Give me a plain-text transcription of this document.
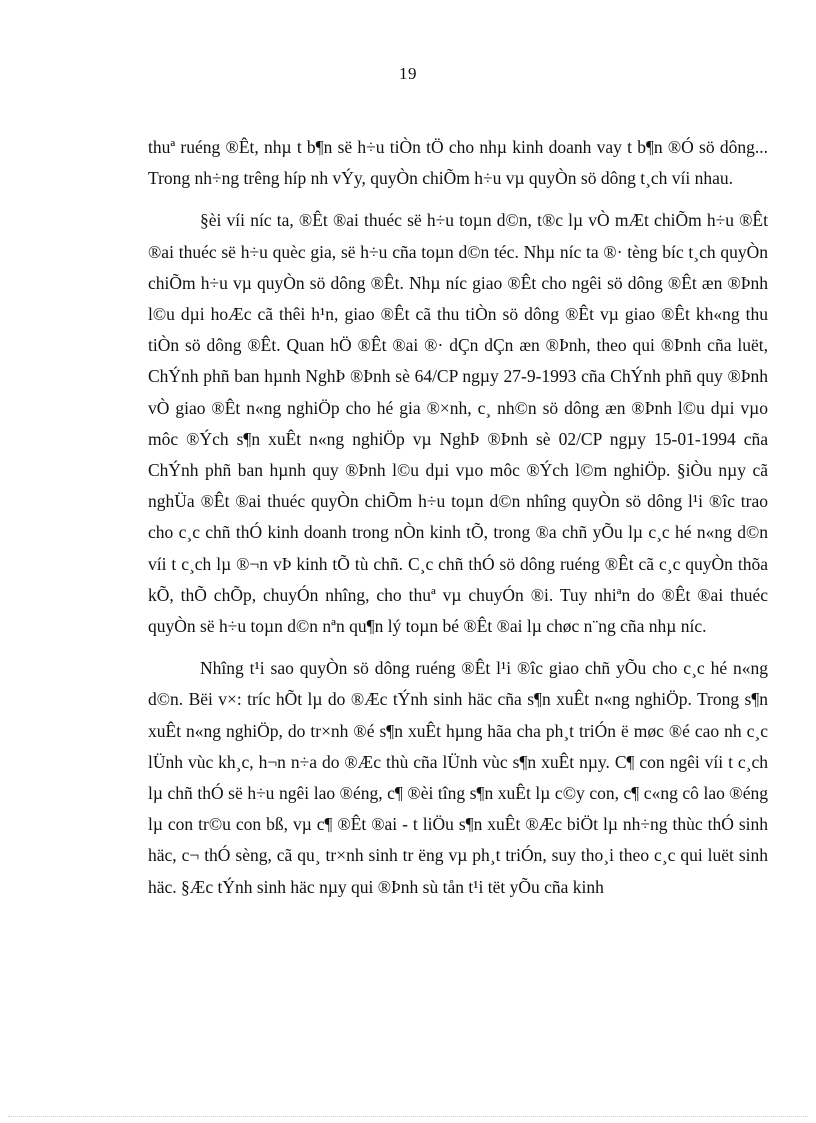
19

thuª ruéng ®Êt, nhµ t b¶n së h÷u tiÒn tÖ cho nhµ kinh doanh vay t b¶n ®Ó sö dông... Trong nh÷ng trêng híp nh vÝy, quyÒn chiÕm h÷u vµ quyÒn sö dông t¸ch víi nhau.

§èi víi níc ta, ®Êt ®ai thuéc së h÷u toµn d©n, t®c lµ vÒ mÆt chiÕm h÷u ®Êt ®ai thuéc së h÷u quèc gia, së h÷u cña toµn d©n téc. Nhµ níc ta ®· tèng bíc t¸ch quyÒn chiÕm h÷u vµ quyÒn sö dông ®Êt. Nhµ níc giao ®Êt cho ngêi sö dông ®Êt æn ®Þnh l©u dµi hoÆc cã thêi h¹n, giao ®Êt cã thu tiÒn sö dông ®Êt vµ giao ®Êt kh«ng thu tiÒn sö dông ®Êt. Quan hÖ ®Êt ®ai ®· dÇn dÇn æn ®Þnh, theo qui ®Þnh cña luët, ChÝnh phñ ban hµnh NghÞ ®Þnh sè 64/CP ngµy 27-9-1993 cña ChÝnh phñ quy ®Þnh vÒ giao ®Êt n«ng nghiÖp cho hé gia ®×nh, c¸ nh©n sö dông æn ®Þnh l©u dµi vµo môc ®Ých s¶n xuÊt n«ng nghiÖp vµ NghÞ ®Þnh sè 02/CP ngµy 15-01-1994 cña ChÝnh phñ ban hµnh quy ®Þnh l©u dµi vµo môc ®Ých l©m nghiÖp. §iÒu nµy cã nghÜa ®Êt ®ai thuéc quyÒn chiÕm h÷u toµn d©n nhîng quyÒn sö dông l¹i ®îc trao cho c¸c chñ thÓ kinh doanh trong nÒn kinh tÕ, trong ®a chñ yÕu lµ c¸c hé n«ng d©n víi t c¸ch lµ ®¬n vÞ kinh tÕ tù chñ. C¸c chñ thÓ sö dông ruéng ®Êt cã c¸c quyÒn thõa kÕ, thÕ chÕp, chuyÓn nhîng, cho thuª vµ chuyÓn ®i. Tuy nhiªn do ®Êt ®ai thuéc quyÒn së h÷u toµn d©n nªn qu¶n lý toµn bé ®Êt ®ai lµ chøc n¨ng cña nhµ níc.

Nhîng t¹i sao quyÒn sö dông ruéng ®Êt l¹i ®îc giao chñ yÕu cho c¸c hé n«ng d©n. Bëi v×: tríc hÕt lµ do ®Æc tÝnh sinh häc cña s¶n xuÊt n«ng nghiÖp. Trong s¶n xuÊt n«ng nghiÖp, do tr×nh ®é s¶n xuÊt hµng hãa cha ph¸t triÓn ë møc ®é cao nh c¸c lÜnh vùc kh¸c, h¬n n÷a do ®Æc thù cña lÜnh vùc s¶n xuÊt nµy. C¶ con ngêi víi t c¸ch lµ chñ thÓ së h÷u ngêi lao ®éng, c¶ ®èi tîng s¶n xuÊt lµ c©y con, c¶ c«ng cô lao ®éng lµ con tr©u con bß, vµ c¶ ®Êt ®ai - t liÖu s¶n xuÊt ®Æc biÖt lµ nh÷ng thùc thÓ sinh häc, c¬ thÓ sèng, cã qu¸ tr×nh sinh tr ëng vµ ph¸t triÓn, suy tho¸i theo c¸c qui luët sinh häc. §Æc tÝnh sinh häc nµy qui ®Þnh sù tån t¹i tët yÕu cña kinh
